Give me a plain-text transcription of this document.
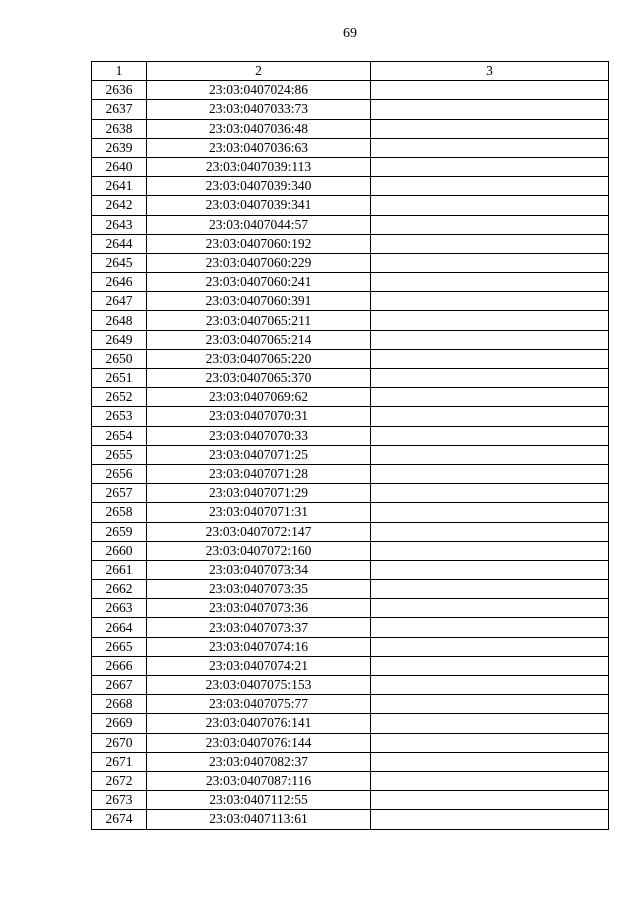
69
1	2	3
2636	23:03:0407024:86	
2637	23:03:0407033:73	
2638	23:03:0407036:48	
2639	23:03:0407036:63	
2640	23:03:0407039:113	
2641	23:03:0407039:340	
2642	23:03:0407039:341	
2643	23:03:0407044:57	
2644	23:03:0407060:192	
2645	23:03:0407060:229	
2646	23:03:0407060:241	
2647	23:03:0407060:391	
2648	23:03:0407065:211	
2649	23:03:0407065:214	
2650	23:03:0407065:220	
2651	23:03:0407065:370	
2652	23:03:0407069:62	
2653	23:03:0407070:31	
2654	23:03:0407070:33	
2655	23:03:0407071:25	
2656	23:03:0407071:28	
2657	23:03:0407071:29	
2658	23:03:0407071:31	
2659	23:03:0407072:147	
2660	23:03:0407072:160	
2661	23:03:0407073:34	
2662	23:03:0407073:35	
2663	23:03:0407073:36	
2664	23:03:0407073:37	
2665	23:03:0407074:16	
2666	23:03:0407074:21	
2667	23:03:0407075:153	
2668	23:03:0407075:77	
2669	23:03:0407076:141	
2670	23:03:0407076:144	
2671	23:03:0407082:37	
2672	23:03:0407087:116	
2673	23:03:0407112:55	
2674	23:03:0407113:61	
